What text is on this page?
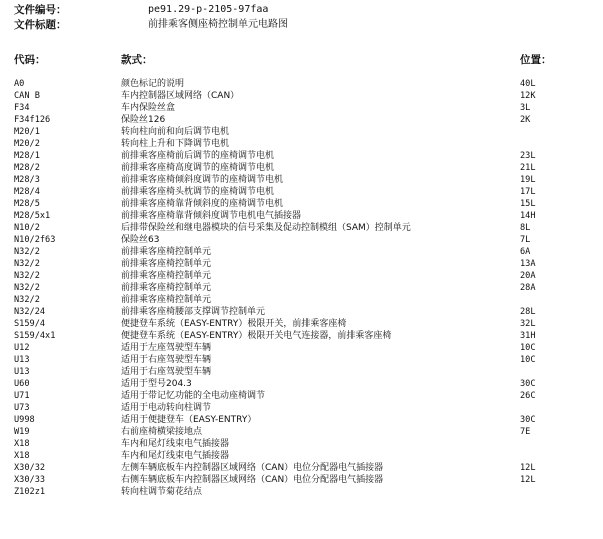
文件编号：	pe91.29-p-2105-97faa
文件标题：	前排乘客侧座椅控制单元电路图
代码：	款式：	位置：
A0	颜色标记的说明	40L
CAN B	车内控制器区域网络（CAN）	12K
F34	车内保险丝盒	3L
F34f126	保险丝126	2K
M20/1	转向柱向前和向后调节电机
M20/2	转向柱上升和下降调节电机
M28/1	前排乘客座椅前后调节的座椅调节电机	23L
M28/2	前排乘客座椅高度调节的座椅调节电机	21L
M28/3	前排乘客座椅倾斜度调节的座椅调节电机	19L
M28/4	前排乘客座椅头枕调节的座椅调节电机	17L
M28/5	前排乘客座椅靠背倾斜度的座椅调节电机	15L
M28/5x1	前排乘客座椅靠背倾斜度调节电机电气插接器	14H
N10/2	后排带保险丝和继电器模块的信号采集及促动控制模组（SAM）控制单元	8L
N10/2f63	保险丝63	7L
N32/2	前排乘客座椅控制单元	6A
N32/2	前排乘客座椅控制单元	13A
N32/2	前排乘客座椅控制单元	20A
N32/2	前排乘客座椅控制单元	28A
N32/2	前排乘客座椅控制单元
N32/24	前排乘客座椅腰部支撑调节控制单元	28L
S159/4	便捷登车系统（EASY-ENTRY）极限开关，前排乘客座椅	32L
S159/4x1	便捷登车系统（EASY-ENTRY）极限开关电气连接器，前排乘客座椅	31H
U12	适用于左座驾驶型车辆	10C
U13	适用于右座驾驶型车辆	10C
U13	适用于右座驾驶型车辆
U60	适用于型号204.3	30C
U71	适用于带记忆功能的全电动座椅调节	26C
U73	适用于电动转向柱调节
U998	适用于便捷登车（EASY-ENTRY）	30C
W19	右前座椅横梁接地点	7E
X18	车内和尾灯线束电气插接器
X18	车内和尾灯线束电气插接器
X30/32	左侧车辆底板车内控制器区域网络（CAN）电位分配器电气插接器	12L
X30/33	右侧车辆底板车内控制器区域网络（CAN）电位分配器电气插接器	12L
Z102z1	转向柱调节菊花结点
